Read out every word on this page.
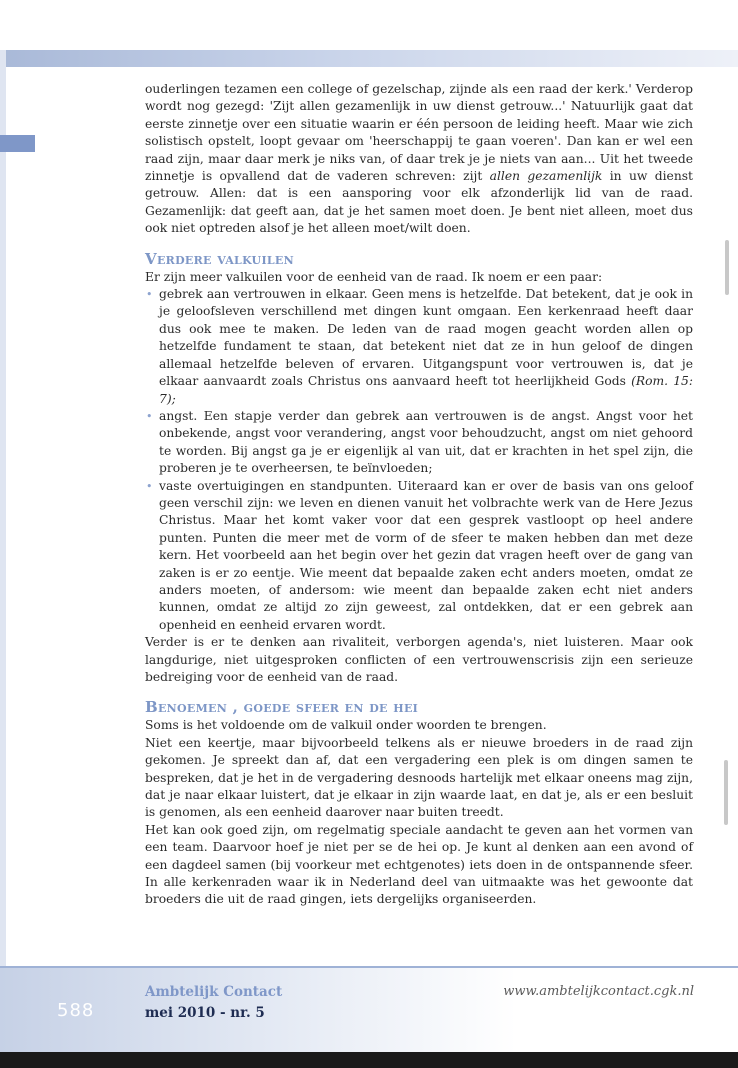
ouderlingen tezamen een college of gezelschap, zijnde als een raad der kerk.' Verderop wordt nog gezegd: 'Zijt allen gezamenlijk in uw dienst getrouw...' Natuurlijk gaat dat eerste zinnetje over een situatie waarin er één persoon de leiding heeft. Maar wie zich solistisch opstelt, loopt gevaar om 'heerschappij te gaan voeren'. Dan kan er wel een raad zijn, maar daar merk je niks van, of daar trek je je niets van aan... Uit het tweede zinnetje is opvallend dat de vaderen schreven: zijt allen gezamenlijk in uw dienst getrouw. Allen: dat is een aansporing voor elk afzonderlijk lid van de raad. Gezamenlijk: dat geeft aan, dat je het samen moet doen. Je bent niet alleen, moet dus ook niet optreden alsof je het alleen moet/wilt doen.

Verdere valkuilen

Er zijn meer valkuilen voor de eenheid van de raad. Ik noem er een paar:

• gebrek aan vertrouwen in elkaar. Geen mens is hetzelfde. Dat betekent, dat je ook in je geloofsleven verschillend met dingen kunt omgaan. Een kerkenraad heeft daar dus ook mee te maken. De leden van de raad mogen geacht worden allen op hetzelfde fundament te staan, dat betekent niet dat ze in hun geloof de dingen allemaal hetzelfde beleven of ervaren. Uitgangspunt voor vertrouwen is, dat je elkaar aanvaardt zoals Christus ons aanvaard heeft tot heerlijkheid Gods (Rom. 15: 7);
• angst. Een stapje verder dan gebrek aan vertrouwen is de angst. Angst voor het onbekende, angst voor verandering, angst voor behoudzucht, angst om niet gehoord te worden. Bij angst ga je er eigenlijk al van uit, dat er krachten in het spel zijn, die proberen je te overheersen, te beïnvloeden;
• vaste overtuigingen en standpunten. Uiteraard kan er over de basis van ons geloof geen verschil zijn: we leven en dienen vanuit het volbrachte werk van de Here Jezus Christus. Maar het komt vaker voor dat een gesprek vastloopt op heel andere punten. Punten die meer met de vorm of de sfeer te maken hebben dan met deze kern. Het voorbeeld aan het begin over het gezin dat vragen heeft over de gang van zaken is er zo eentje. Wie meent dat bepaalde zaken echt anders moeten, omdat ze anders moeten, of andersom: wie meent dan bepaalde zaken echt niet anders kunnen, omdat ze altijd zo zijn geweest, zal ontdekken, dat er een gebrek aan openheid en eenheid ervaren wordt.

Verder is er te denken aan rivaliteit, verborgen agenda's, niet luisteren. Maar ook langdurige, niet uitgesproken conflicten of een vertrouwenscrisis zijn een serieuze bedreiging voor de eenheid van de raad.

Benoemen , goede sfeer en de hei

Soms is het voldoende om de valkuil onder woorden te brengen.

Niet een keertje, maar bijvoorbeeld telkens als er nieuwe broeders in de raad zijn gekomen. Je spreekt dan af, dat een vergadering een plek is om dingen samen te bespreken, dat je het in de vergadering desnoods hartelijk met elkaar oneens mag zijn, dat je naar elkaar luistert, dat je elkaar in zijn waarde laat, en dat je, als er een besluit is genomen, als een eenheid daarover naar buiten treedt.

Het kan ook goed zijn, om regelmatig speciale aandacht te geven aan het vormen van een team. Daarvoor hoef je niet per se de hei op. Je kunt al denken aan een avond of een dagdeel samen (bij voorkeur met echtgenotes) iets doen in de ontspannende sfeer. In alle kerkenraden waar ik in Nederland deel van uitmaakte was het gewoonte dat broeders die uit de raad gingen, iets dergelijks organiseerden.

588
Ambtelijk Contact
mei 2010 - nr. 5
www.ambtelijkcontact.cgk.nl
